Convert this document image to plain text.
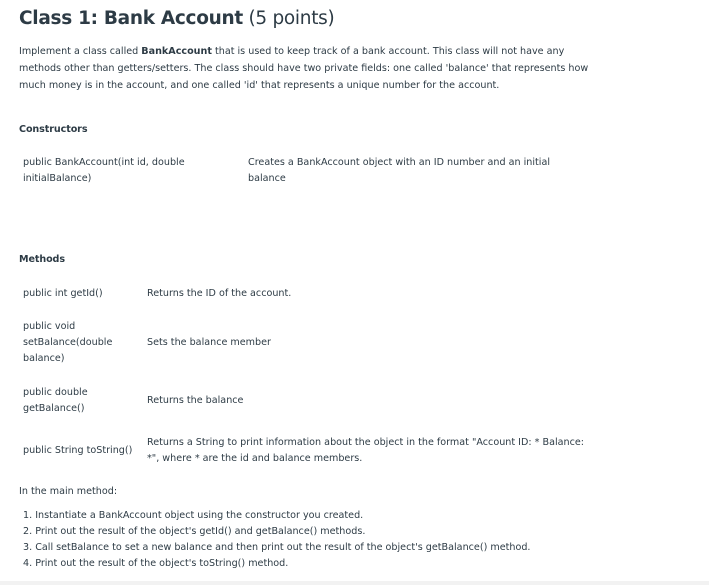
Class 1: Bank Account (5 points)
Implement a class called BankAccount that is used to keep track of a bank account. This class will not have any methods other than getters/setters. The class should have two private fields: one called 'balance' that represents how much money is in the account, and one called 'id' that represents a unique number for the account.
Constructors
public BankAccount(int id, double initialBalance)
Creates a BankAccount object with an ID number and an initial balance
Methods
public int getId()	Returns the ID of the account.
public void setBalance(double balance)
Sets the balance member
public double getBalance()
Returns the balance
public String toString()
Returns a String to print information about the object in the format "Account ID: * Balance: *", where * are the id and balance members.
In the main method:
1. Instantiate a BankAccount object using the constructor you created.
2. Print out the result of the object's getId() and getBalance() methods.
3. Call setBalance to set a new balance and then print out the result of the object's getBalance() method.
4. Print out the result of the object's toString() method.
